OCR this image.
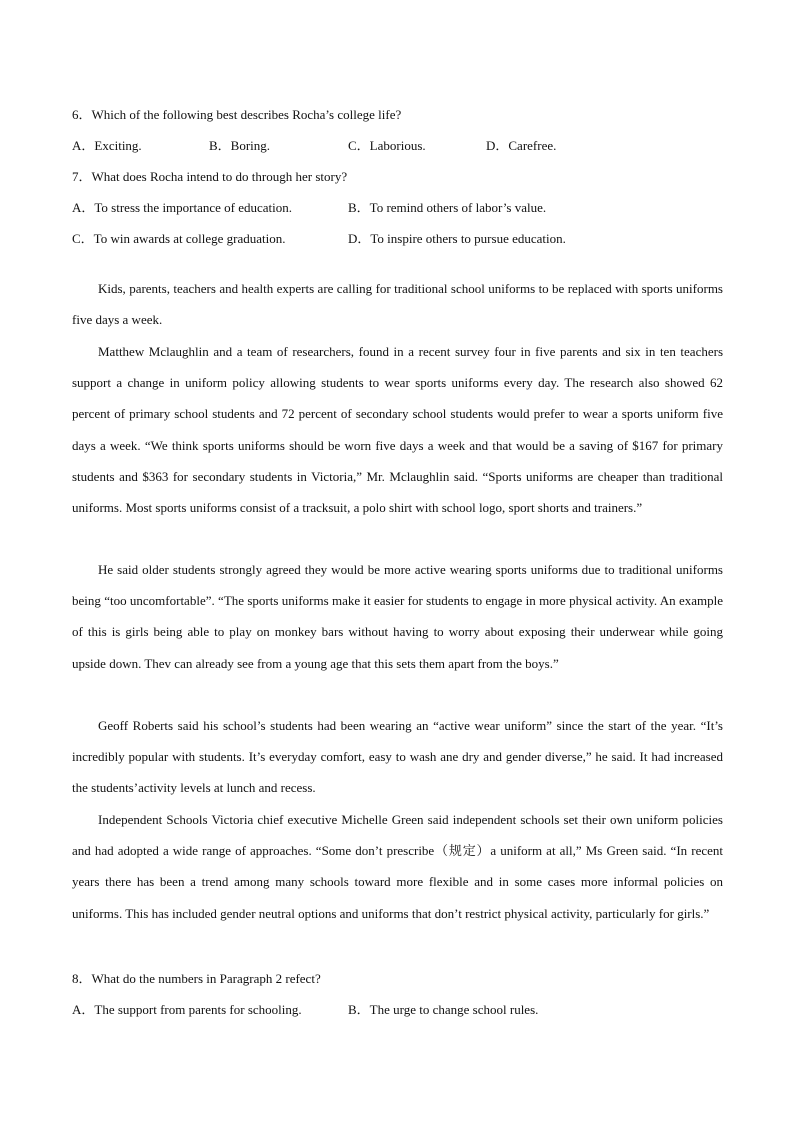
6．Which of the following best describes Rocha’s college life?
A．Exciting.	B．Boring.	C．Laborious.	D．Carefree.
7．What does Rocha intend to do through her story?
A．To stress the importance of education.	B．To remind others of labor’s value.
C．To win awards at college graduation.	D．To inspire others to pursue education.

Kids, parents, teachers and health experts are calling for traditional school uniforms to be replaced with sports uniforms five days a week.

Matthew Mclaughlin and a team of researchers, found in a recent survey four in five parents and six in ten teachers support a change in uniform policy allowing students to wear sports uniforms every day. The research also showed 62 percent of primary school students and 72 percent of secondary school students would prefer to wear a sports uniform five days a week. “We think sports uniforms should be worn five days a week and that would be a saving of $167 for primary students and $363 for secondary students in Victoria,” Mr. Mclaughlin said. “Sports uniforms are cheaper than traditional uniforms. Most sports uniforms consist of a tracksuit, a polo shirt with school logo, sport shorts and trainers.”

He said older students strongly agreed they would be more active wearing sports uniforms due to traditional uniforms being “too uncomfortable”. “The sports uniforms make it easier for students to engage in more physical activity. An example of this is girls being able to play on monkey bars without having to worry about exposing their underwear while going upside down. Thev can already see from a young age that this sets them apart from the boys.”

Geoff Roberts said his school’s students had been wearing an “active wear uniform” since the start of the year. “It’s incredibly popular with students. It’s everyday comfort, easy to wash ane dry and gender diverse,” he said. It had increased the students’activity levels at lunch and recess.

Independent Schools Victoria chief executive Michelle Green said independent schools set their own uniform policies and had adopted a wide range of approaches. “Some don’t prescribe（规定）a uniform at all,” Ms Green said. “In recent years there has been a trend among many schools toward more flexible and in some cases more informal policies on uniforms. This has included gender neutral options and uniforms that don’t restrict physical activity, particularly for girls.”

8．What do the numbers in Paragraph 2 refect?
A．The support from parents for schooling.	B．The urge to change school rules.
